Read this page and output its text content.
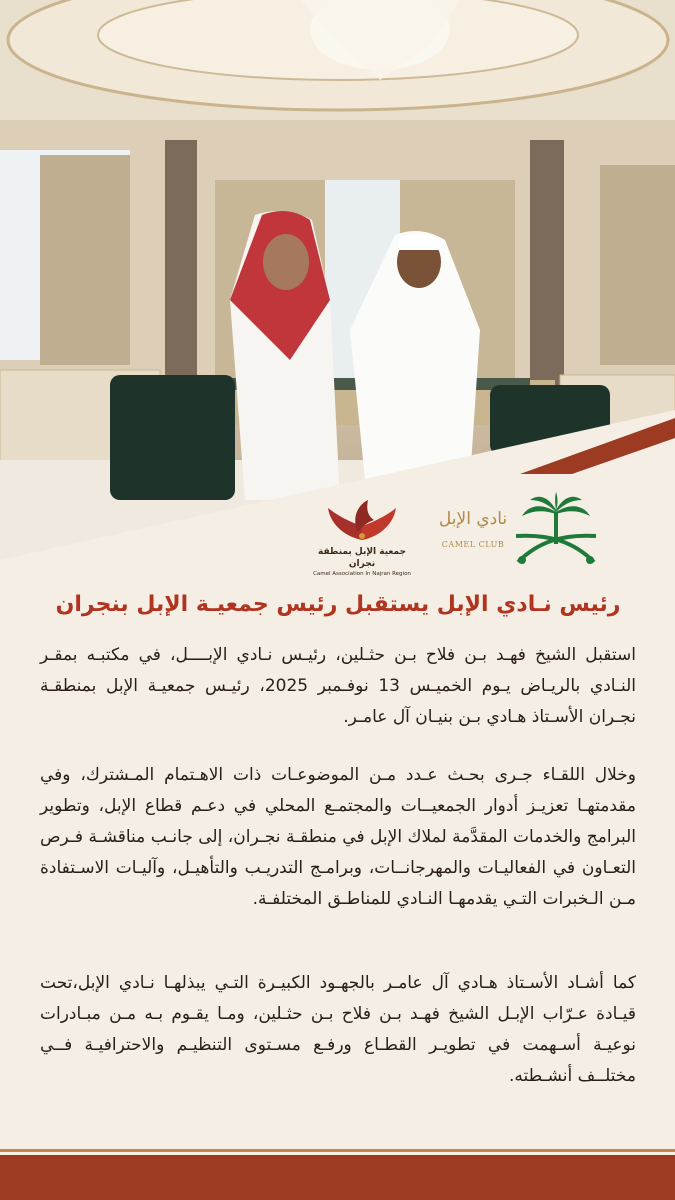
نادي الإبل
CAMEL CLUB
جمعية الإبل بمنطقة نجران
Camel Association In Najran Region
رئيس نـادي الإبل يستقبل رئيس جمعيـة الإبل بنجران
استقبل الشيخ فهـد بـن فلاح بـن حثـلين، رئيـس نـادي الإبــــل، في مكتبـه بمقـر النـادي بالريـاض يـوم الخميـس 13 نوفـمبر 2025، رئيـس جمعيـة الإبل بمنطقـة نجـران الأسـتاذ هـادي بـن بنيـان آل عامـر.
وخلال اللقـاء جـرى بحـث عـدد مـن الموضوعـات ذات الاهـتمام المـشترك، وفي مقدمتهـا تعزيـز أدوار الجمعيــات والمجتمـع المحلي في دعـم قطاع الإبل، وتطوير البرامج والخدمات المقدَّمة لملاك الإبل في منطقـة نجـران، إلى جانـب مناقشـة فـرص التعـاون في الفعاليـات والمهرجانــات، وبرامـج التدريـب والتأهيـل، وآليـات الاسـتفادة مـن الـخبرات التـي يقدمهـا النـادي للمناطـق المختلفـة.
كما أشـاد الأسـتاذ هـادي آل عامـر بالجهـود الكبيـرة التـي يبذلهـا نـادي الإبل،تحت قيـادة عـرّاب الإبـل الشيخ فهـد بـن فلاح بـن حثـلين، ومـا يقـوم بـه مـن مبـادرات نوعيـة أسـهمت في تطويـر القطـاع ورفـع مسـتوى التنظيـم والاحترافيـة فــي مختلــف أنشـطته.
